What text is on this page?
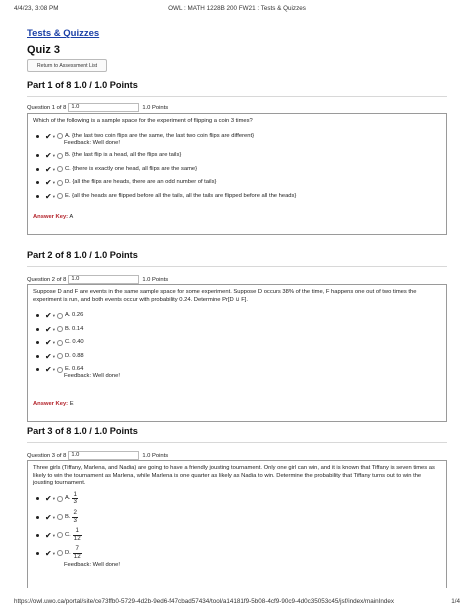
4/4/23, 3:08 PM	OWL : MATH 1228B 200 FW21 : Tests & Quizzes
Tests & Quizzes
Quiz 3
Return to Assessment List
Part 1 of 8 1.0 / 1.0 Points
Question 1 of 8 1.0	1.0 Points
Which of the following is a sample space for the experiment of flipping a coin 3 times?
✔ ▾ A. {the last two coin flips are the same, the last two coin flips are different}
Feedback: Well done!
✔ ▾ B. {the last flip is a head, all the flips are tails}
✔ ▾ C. {there is exactly one head, all flips are the same}
✔ ▾ D. {all the flips are heads, there are an odd number of tails}
✔ ▾ E. {all the heads are flipped before all the tails, all the tails are flipped before all the heads}
Answer Key: A
Part 2 of 8 1.0 / 1.0 Points
Question 2 of 8 1.0	1.0 Points
Suppose D and F are events in the same sample space for some experiment. Suppose D occurs 38% of the time, F happens one out of two times the experiment is run, and both events occur with probability 0.24. Determine Pr[D ∪ F].
✔ ▾ A. 0.26
✔ ▾ B. 0.14
✔ ▾ C. 0.40
✔ ▾ D. 0.88
✔ ▾ E. 0.64
Feedback: Well done!
Answer Key: E
Part 3 of 8 1.0 / 1.0 Points
Question 3 of 8 1.0	1.0 Points
Three girls (Tiffany, Marlena, and Nadia) are going to have a friendly jousting tournament. Only one girl can win, and it is known that Tiffany is seven times as likely to win the tournament as Marlena, while Marlena is one quarter as likely as Nadia to win. Determine the probability that Tiffany turns out to win the jousting tournament.
✔ ▾ A. $\frac{1}{3}$
✔ ▾ B. $\frac{2}{3}$
✔ ▾ C. $\frac{1}{12}$
✔ ▾ D. $\frac{7}{12}$
Feedback: Well done!
https://owl.uwo.ca/portal/site/ce73ffb0-5729-4d2b-9ed6-f47cbad57434/tool/a14181f9-5b08-4cf9-90c9-4d0c35053c45/jsf/index/mainIndex	1/4
